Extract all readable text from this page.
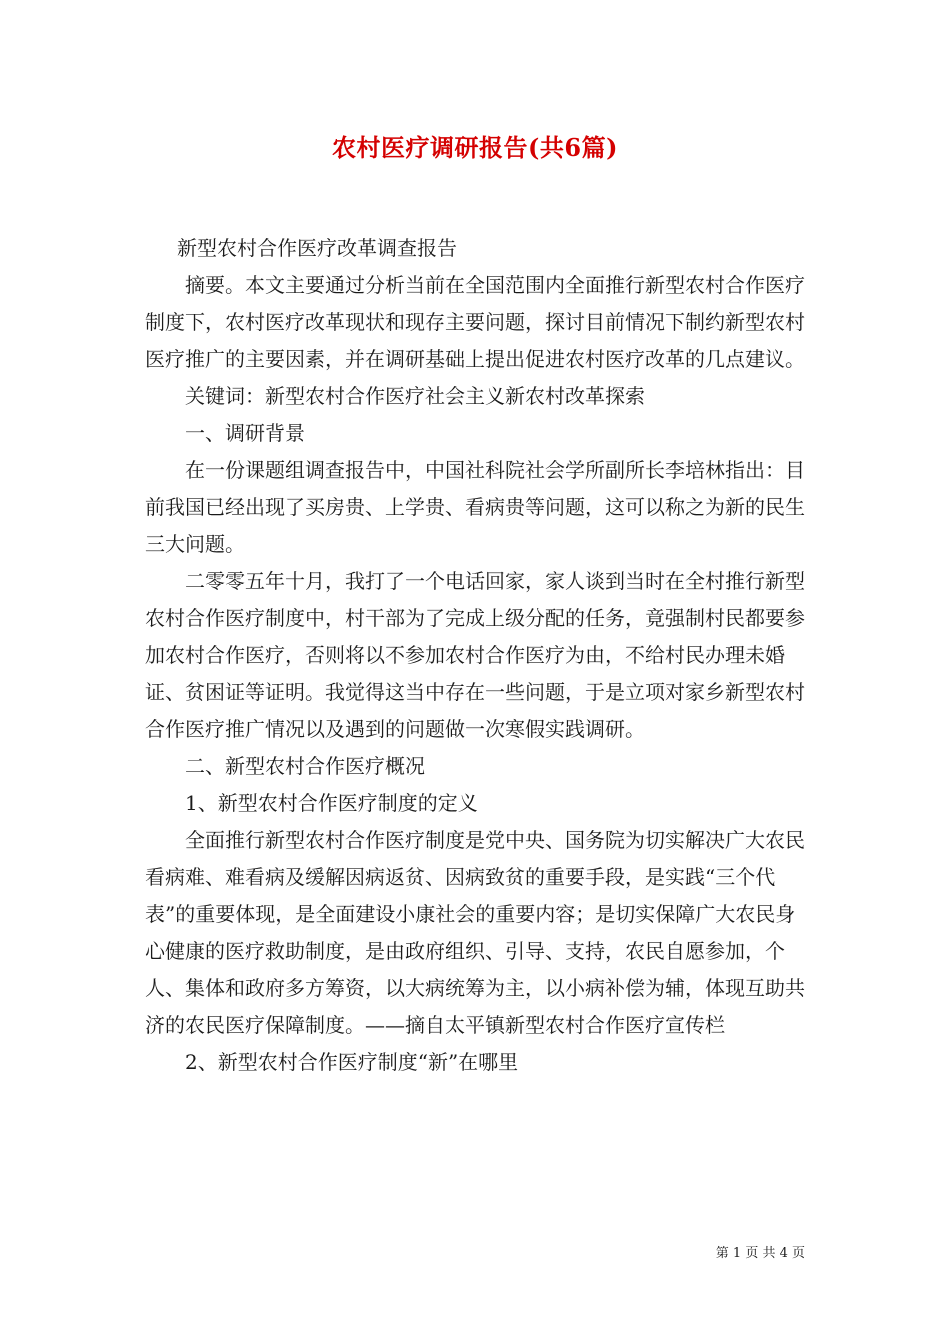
农村医疗调研报告(共6篇)

新型农村合作医疗改革调查报告

摘要。本文主要通过分析当前在全国范围内全面推行新型农村合作医疗制度下，农村医疗改革现状和现存主要问题，探讨目前情况下制约新型农村医疗推广的主要因素，并在调研基础上提出促进农村医疗改革的几点建议。

关键词：新型农村合作医疗社会主义新农村改革探索

一、调研背景

在一份课题组调查报告中，中国社科院社会学所副所长李培林指出：目前我国已经出现了买房贵、上学贵、看病贵等问题，这可以称之为新的民生三大问题。

二零零五年十月，我打了一个电话回家，家人谈到当时在全村推行新型农村合作医疗制度中，村干部为了完成上级分配的任务，竟强制村民都要参加农村合作医疗，否则将以不参加农村合作医疗为由，不给村民办理未婚证、贫困证等证明。我觉得这当中存在一些问题，于是立项对家乡新型农村合作医疗推广情况以及遇到的问题做一次寒假实践调研。

二、新型农村合作医疗概况

1、新型农村合作医疗制度的定义

全面推行新型农村合作医疗制度是党中央、国务院为切实解决广大农民看病难、难看病及缓解因病返贫、因病致贫的重要手段，是实践“三个代表”的重要体现，是全面建设小康社会的重要内容；是切实保障广大农民身心健康的医疗救助制度，是由政府组织、引导、支持，农民自愿参加，个人、集体和政府多方筹资，以大病统筹为主，以小病补偿为辅，体现互助共济的农民医疗保障制度。——摘自太平镇新型农村合作医疗宣传栏

2、新型农村合作医疗制度“新”在哪里

第 1 页 共 4 页
